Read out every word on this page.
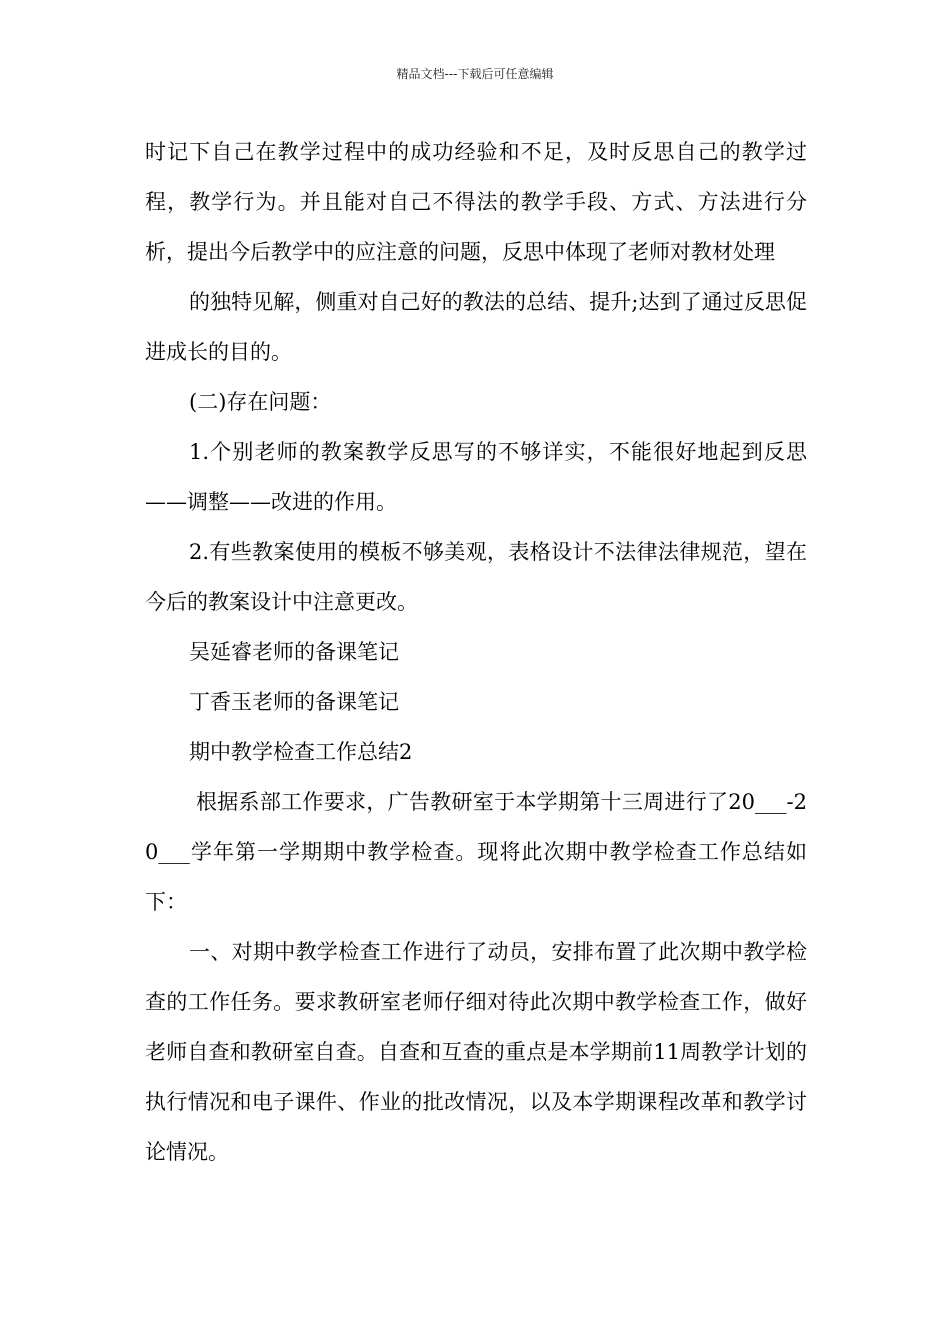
精品文档---下载后可任意编辑

时记下自己在教学过程中的成功经验和不足，及时反思自己的教学过程，教学行为。并且能对自己不得法的教学手段、方式、方法进行分析，提出今后教学中的应注意的问题，反思中体现了老师对教材处理

的独特见解，侧重对自己好的教法的总结、提升;达到了通过反思促进成长的目的。

(二)存在问题：

1.个别老师的教案教学反思写的不够详实，不能很好地起到反思——调整——改进的作用。

2.有些教案使用的模板不够美观，表格设计不法律法律规范，望在今后的教案设计中注意更改。

吴延睿老师的备课笔记

丁香玉老师的备课笔记

期中教学检查工作总结2

根据系部工作要求，广告教研室于本学期第十三周进行了20___-20___学年第一学期期中教学检查。现将此次期中教学检查工作总结如下：

一、对期中教学检查工作进行了动员，安排布置了此次期中教学检查的工作任务。要求教研室老师仔细对待此次期中教学检查工作，做好老师自查和教研室自查。自查和互查的重点是本学期前11周教学计划的执行情况和电子课件、作业的批改情况，以及本学期课程改革和教学讨论情况。
